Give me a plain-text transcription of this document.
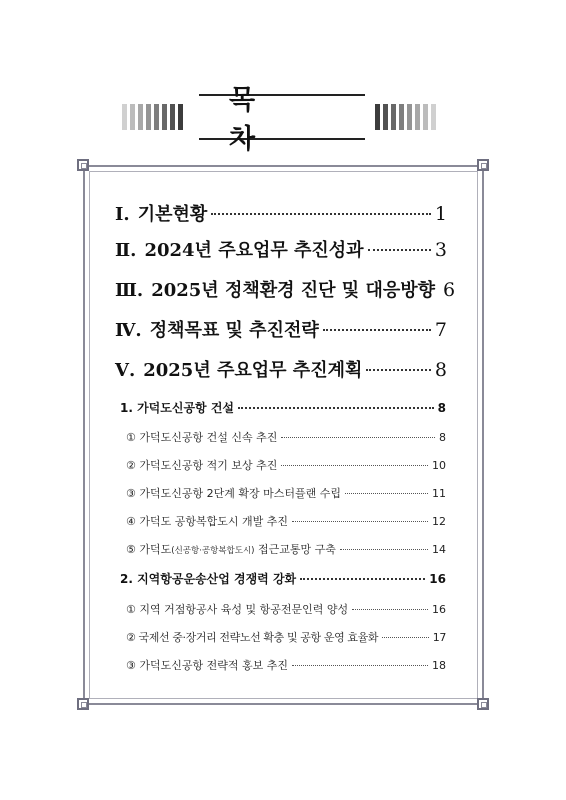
목 차
Ⅰ. 기본현황	1
Ⅱ. 2024년 주요업무 추진성과	3
Ⅲ. 2025년 정책환경 진단 및 대응방향 6
Ⅳ. 정책목표 및 추진전략	7
Ⅴ. 2025년 주요업무 추진계획	8
1. 가덕도신공항 건설	8
① 가덕도신공항 건설 신속 추진	8
② 가덕도신공항 적기 보상 추진	10
③ 가덕도신공항 2단계 확장 마스터플랜 수립	11
④ 가덕도 공항복합도시 개발 추진	12
⑤ 가덕도 (신공항·공항복합도시) 접근교통망 구축	14
2. 지역항공운송산업 경쟁력 강화	16
① 지역 거점항공사 육성 및 항공전문인력 양성	16
② 국제선 중·장거리 전략노선 확충 및 공항 운영 효율화	17
③ 가덕도신공항 전략적 홍보 추진	18
